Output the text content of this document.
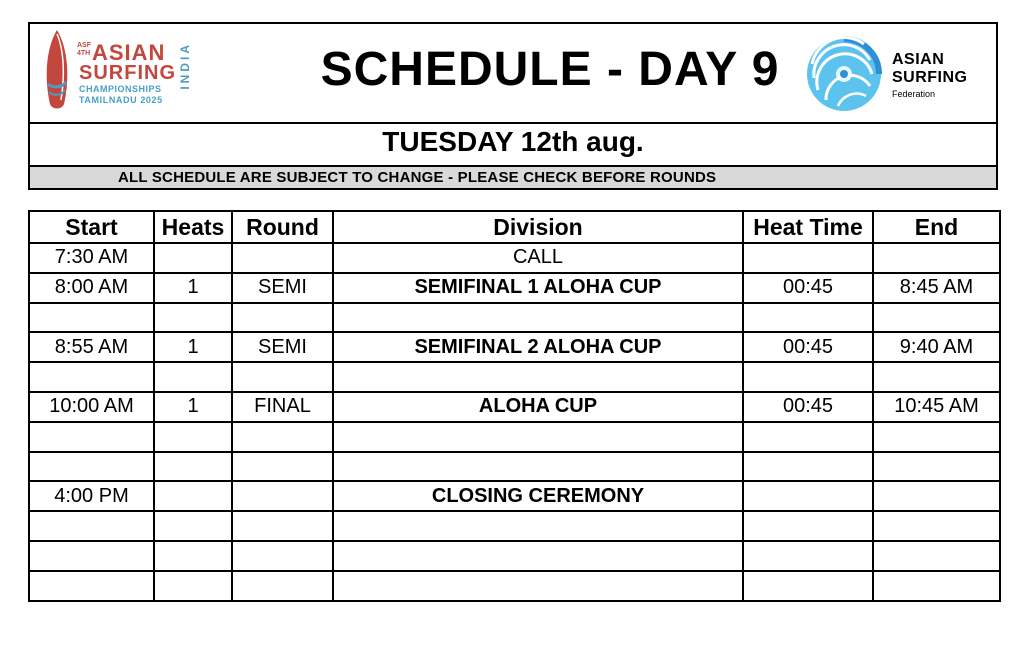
ASF
4TH ASIAN
SURFING
CHAMPIONSHIPS
TAMILNADU 2025
INDIA	SCHEDULE - DAY 9	ASIAN
SURFING
Federation
TUESDAY 12th aug.
ALL SCHEDULE ARE SUBJECT TO CHANGE - PLEASE CHECK BEFORE ROUNDS
Start	Heats	Round	Division	Heat Time	End
7:30 AM			CALL		
8:00 AM	1	SEMI	SEMIFINAL 1 ALOHA CUP	00:45	8:45 AM

8:55 AM	1	SEMI	SEMIFINAL 2 ALOHA CUP	00:45	9:40 AM

10:00 AM	1	FINAL	ALOHA CUP	00:45	10:45 AM

4:00 PM			CLOSING CEREMONY		
